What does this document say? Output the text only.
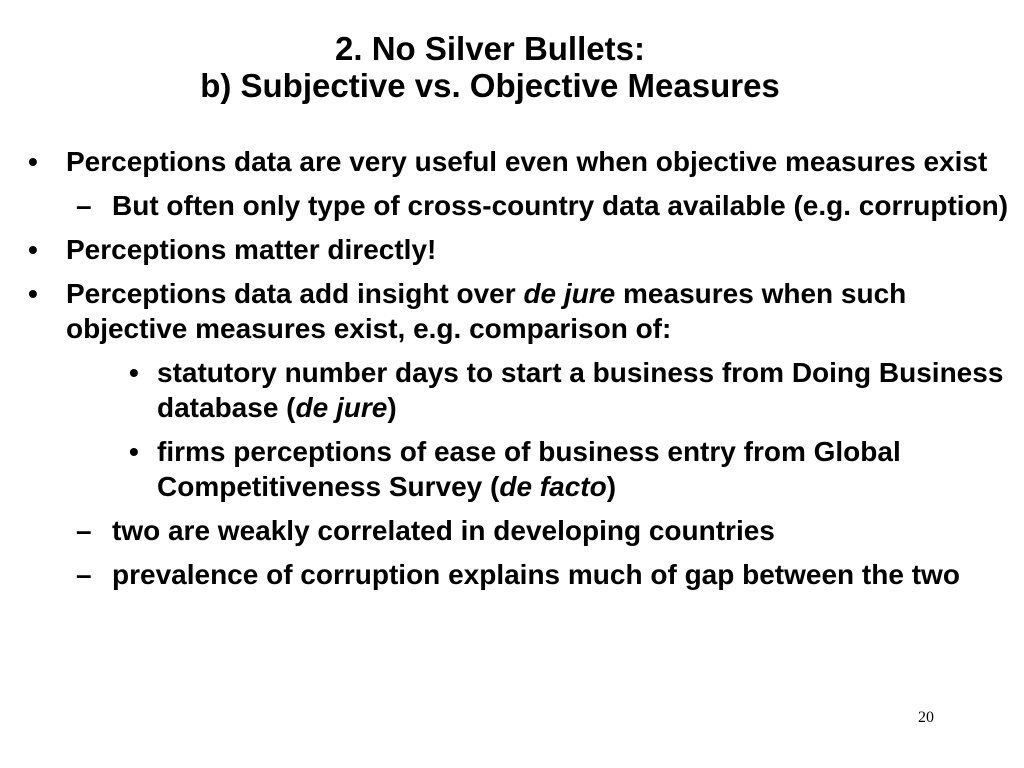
2. No Silver Bullets:
b) Subjective vs. Objective Measures
• Perceptions data are very useful even when objective measures exist
– But often only type of cross-country data available (e.g. corruption)
• Perceptions matter directly!
• Perceptions data add insight over de jure measures when such objective measures exist, e.g. comparison of:
• statutory number days to start a business from Doing Business database (de jure)
• firms perceptions of ease of business entry from Global Competitiveness Survey (de facto)
– two are weakly correlated in developing countries
– prevalence of corruption explains much of gap between the two
20
